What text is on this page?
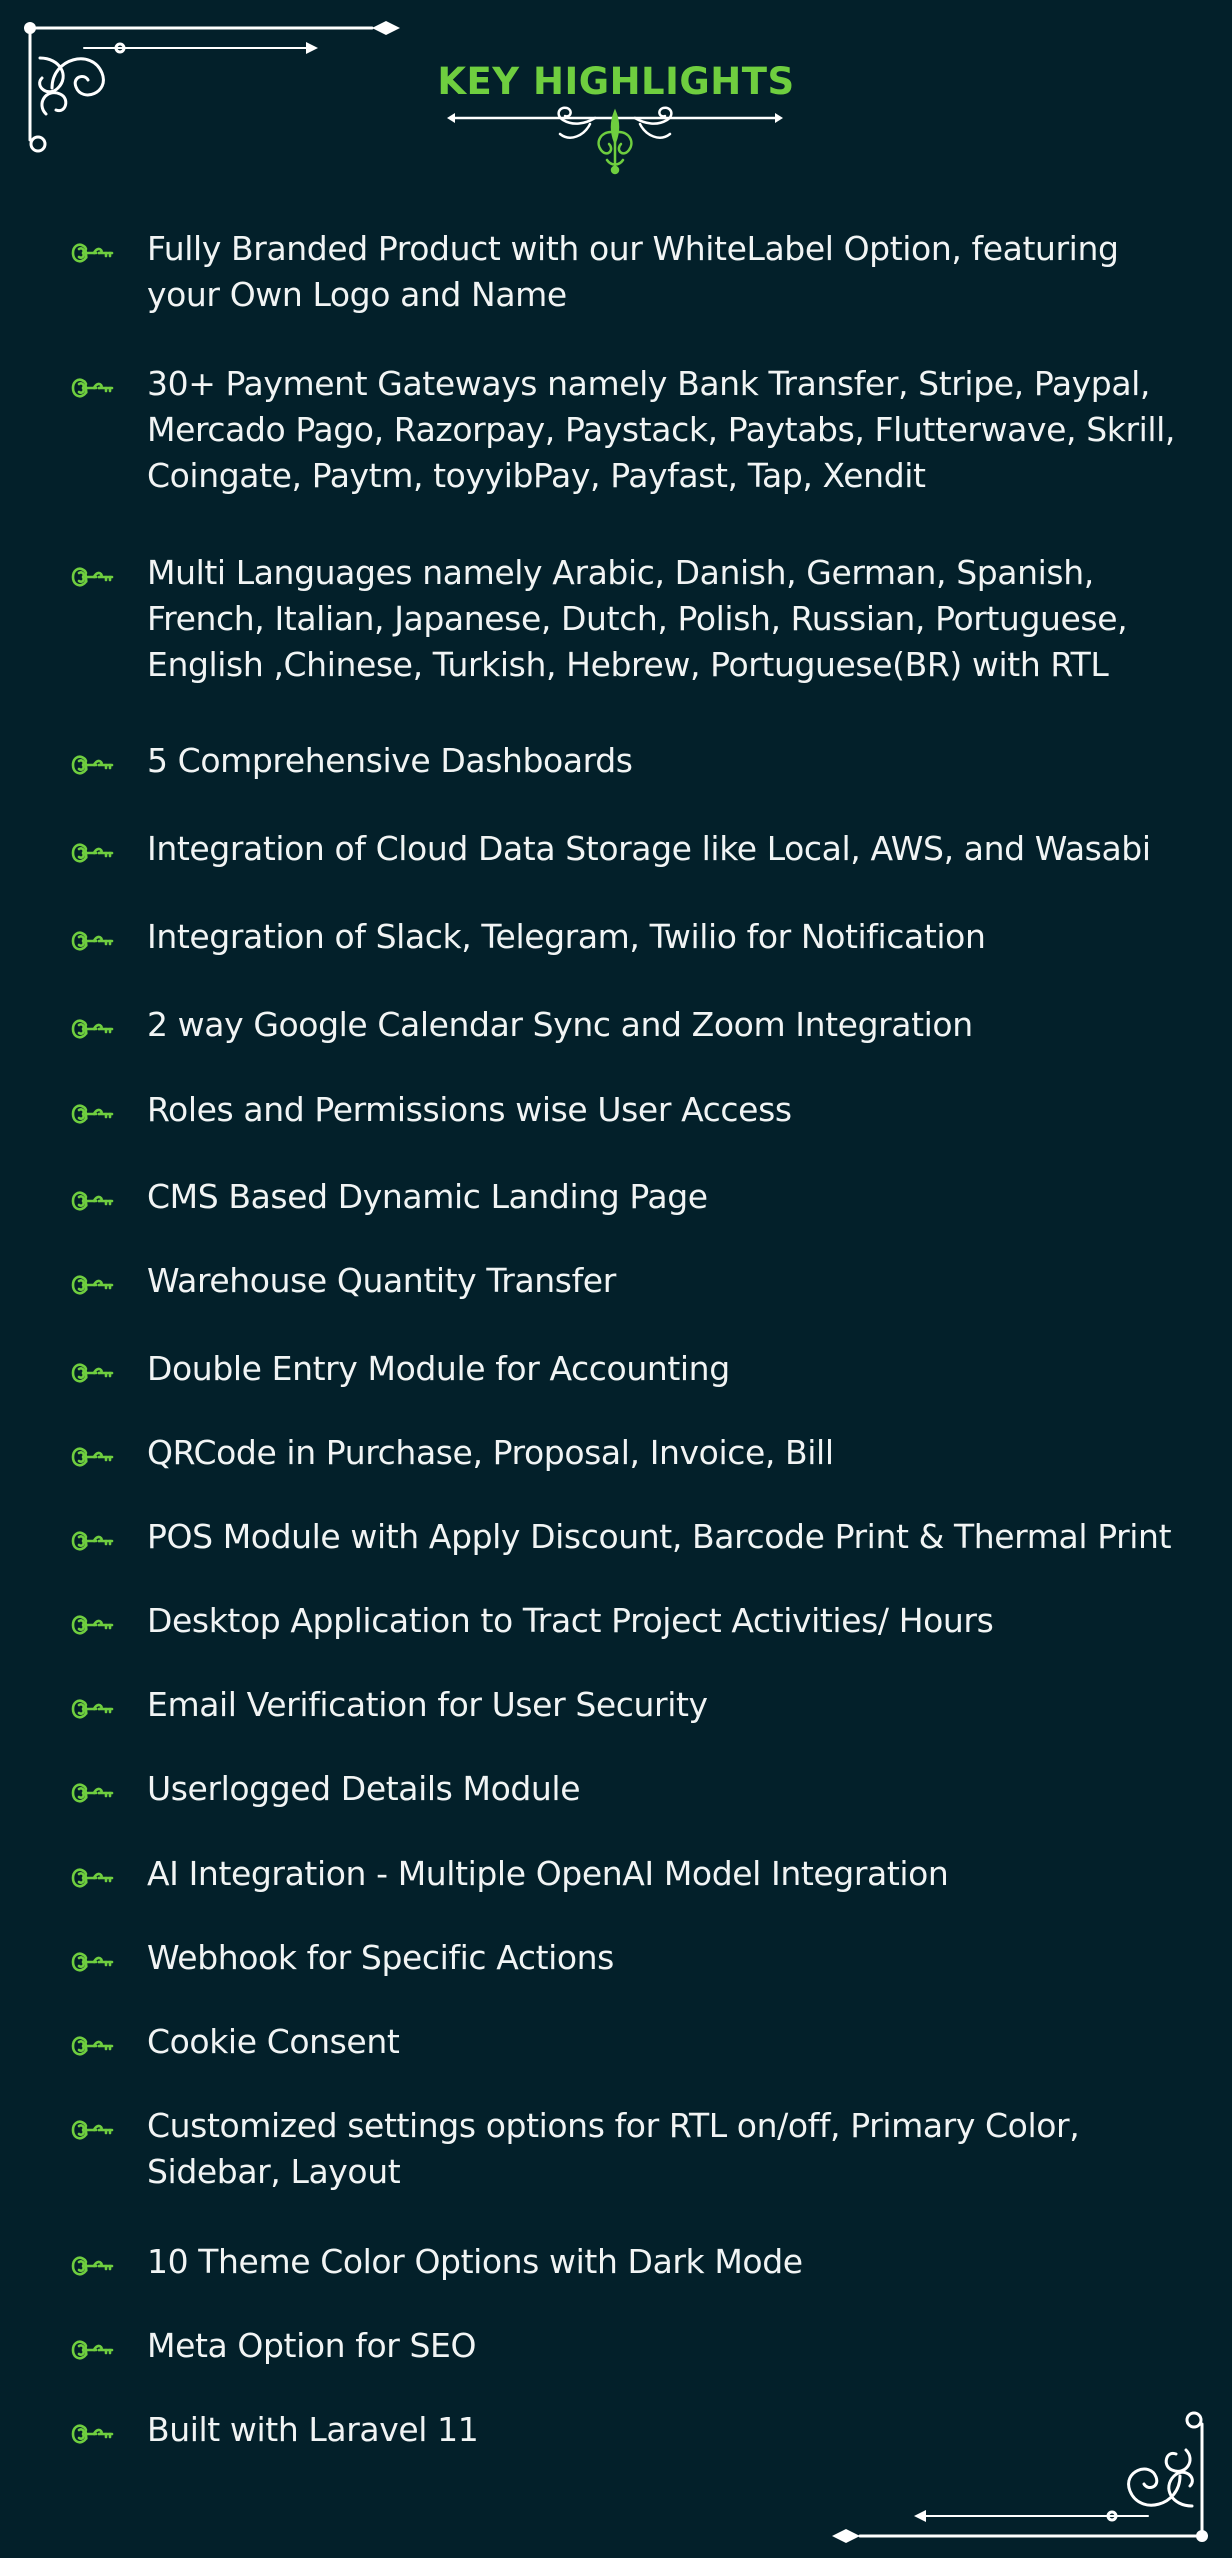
KEY HIGHLIGHTS
Fully Branded Product with our WhiteLabel Option, featuring your Own Logo and Name
30+ Payment Gateways namely Bank Transfer, Stripe, Paypal, Mercado Pago, Razorpay, Paystack, Paytabs, Flutterwave, Skrill, Coingate, Paytm, toyyibPay, Payfast, Tap, Xendit
Multi Languages namely Arabic, Danish, German, Spanish, French, Italian, Japanese, Dutch, Polish, Russian, Portuguese, English ,Chinese, Turkish, Hebrew, Portuguese(BR) with RTL
5 Comprehensive Dashboards
Integration of Cloud Data Storage like Local, AWS, and Wasabi
Integration of Slack, Telegram, Twilio for Notification
2 way Google Calendar Sync and Zoom Integration
Roles and Permissions wise User Access
CMS Based Dynamic Landing Page
Warehouse Quantity Transfer
Double Entry Module for Accounting
QRCode in Purchase, Proposal, Invoice, Bill
POS Module with Apply Discount, Barcode Print & Thermal Print
Desktop Application to Tract Project Activities/ Hours
Email Verification for User Security
Userlogged Details Module
AI Integration - Multiple OpenAI Model Integration
Webhook for Specific Actions
Cookie Consent
Customized settings options for RTL on/off, Primary Color, Sidebar, Layout
10 Theme Color Options with Dark Mode
Meta Option for SEO
Built with Laravel 11
